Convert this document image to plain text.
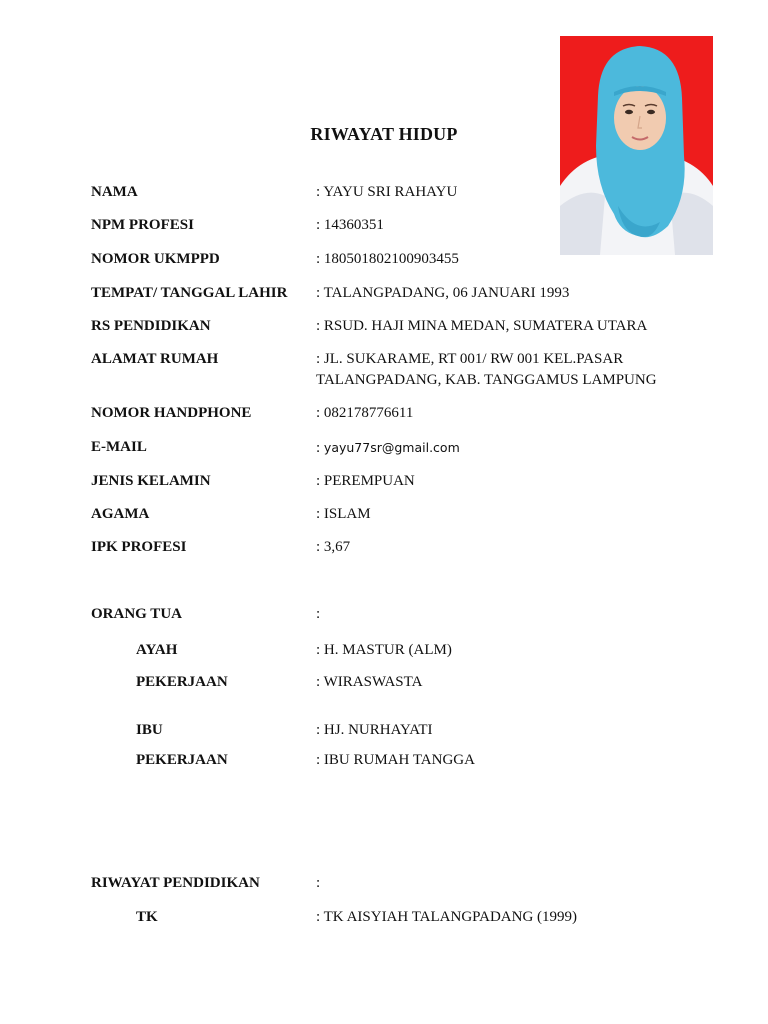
RIWAYAT HIDUP
NAMA	: YAYU SRI RAHAYU
NPM PROFESI	: 14360351
NOMOR UKMPPD	: 180501802100903455
TEMPAT/ TANGGAL LAHIR : TALANGPADANG, 06 JANUARI 1993
RS PENDIDIKAN	: RSUD. HAJI MINA MEDAN, SUMATERA UTARA
ALAMAT RUMAH	: JL. SUKARAME, RT 001/ RW 001 KEL.PASAR
TALANGPADANG, KAB. TANGGAMUS LAMPUNG
NOMOR HANDPHONE	: 082178776611
E-MAIL	: yayu77sr@gmail.com
JENIS KELAMIN	: PEREMPUAN
AGAMA	: ISLAM
IPK PROFESI	: 3,67
ORANG TUA	:
AYAH	: H. MASTUR (ALM)
PEKERJAAN	: WIRASWASTA
IBU	: HJ. NURHAYATI
PEKERJAAN	: IBU RUMAH TANGGA
RIWAYAT PENDIDIKAN	:
TK	: TK AISYIAH TALANGPADANG (1999)
